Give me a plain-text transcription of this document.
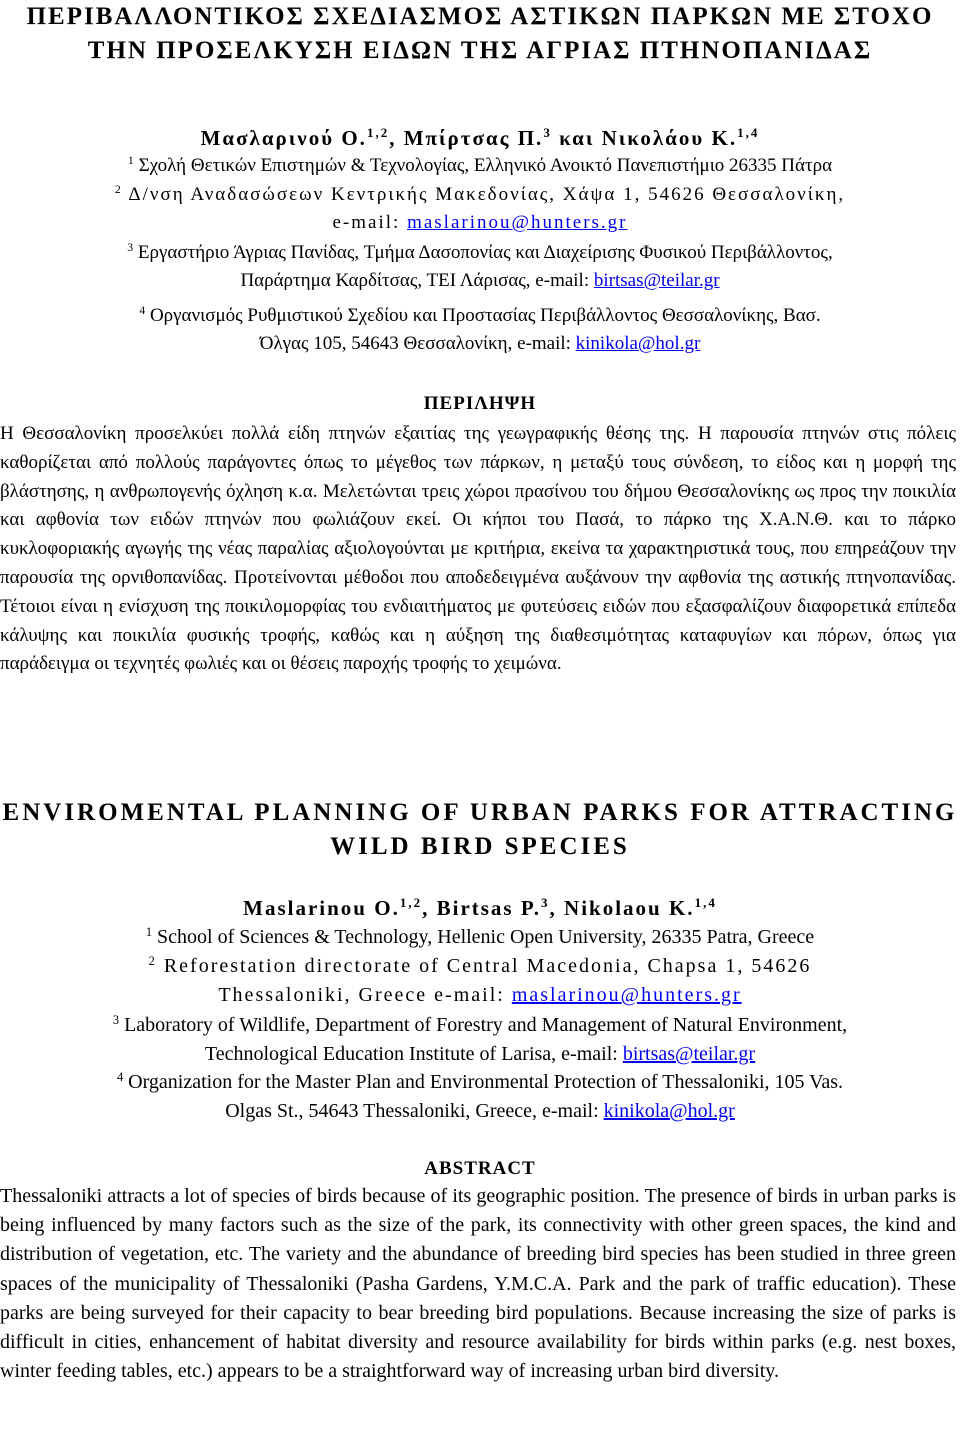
ΠΕΡΙΒΑΛΛΟΝΤΙΚΟΣ ΣΧΕΔΙΑΣΜΟΣ ΑΣΤΙΚΩΝ ΠΑΡΚΩΝ ΜΕ ΣΤΟΧΟ ΤΗΝ ΠΡΟΣΕΛΚΥΣΗ ΕΙΔΩΝ ΤΗΣ ΑΓΡΙΑΣ ΠΤΗΝΟΠΑΝΙΔΑΣ
Μασλαρινού Ο.$^{1,2}$, Μπίρτσας Π.$^3$ και Νικολάου Κ.$^{1,4}$
$^1$ Σχολή Θετικών Επιστημών & Τεχνολογίας, Ελληνικό Ανοικτό Πανεπιστήμιο 26335 Πάτρα
$^2$ Δ/νση Αναδασώσεων Κεντρικής Μακεδονίας, Χάψα 1, 54626 Θεσσαλονίκη,
e-mail: maslarinou@hunters.gr
$^3$ Εργαστήριο Άγριας Πανίδας, Τμήμα Δασοπονίας και Διαχείρισης Φυσικού Περιβάλλοντος,
Παράρτημα Καρδίτσας, ΤΕΙ Λάρισας, e-mail: birtsas@teilar.gr
$^4$ Οργανισμός Ρυθμιστικού Σχεδίου και Προστασίας Περιβάλλοντος Θεσσαλονίκης, Βασ.
Όλγας 105, 54643 Θεσσαλονίκη, e-mail: kinikola@hol.gr
ΠΕΡΙΛΗΨΗ

Η Θεσσαλονίκη προσελκύει πολλά είδη πτηνών εξαιτίας της γεωγραφικής θέσης της. Η παρουσία πτηνών στις πόλεις καθορίζεται από πολλούς παράγοντες όπως το μέγεθος των πάρκων, η μεταξύ τους σύνδεση, το είδος και η μορφή της βλάστησης, η ανθρωπογενής όχληση κ.α. Μελετώνται τρεις χώροι πρασίνου του δήμου Θεσσαλονίκης ως προς την ποικιλία και αφθονία των ειδών πτηνών που φωλιάζουν εκεί. Οι κήποι του Πασά, το πάρκο της Χ.Α.Ν.Θ. και το πάρκο κυκλοφοριακής αγωγής της νέας παραλίας αξιολογούνται με κριτήρια, εκείνα τα χαρακτηριστικά τους, που επηρεάζουν την παρουσία της ορνιθοπανίδας. Προτείνονται μέθοδοι που αποδεδειγμένα αυξάνουν την αφθονία της αστικής πτηνοπανίδας. Τέτοιοι είναι η ενίσχυση της ποικιλομορφίας του ενδιαιτήματος με φυτεύσεις ειδών που εξασφαλίζουν διαφορετικά επίπεδα κάλυψης και ποικιλία φυσικής τροφής, καθώς και η αύξηση της διαθεσιμότητας καταφυγίων και πόρων, όπως για παράδειγμα οι τεχνητές φωλιές και οι θέσεις παροχής τροφής το χειμώνα.

ENVIROMENTAL PLANNING OF URBAN PARKS FOR ATTRACTING WILD BIRD SPECIES
Maslarinou O.$^{1,2}$, Birtsas P.$^3$, Nikolaou K.$^{1,4}$
$^1$ School of Sciences & Technology, Hellenic Open University, 26335 Patra, Greece
$^2$ Reforestation directorate of Central Macedonia, Chapsa 1, 54626
Thessaloniki, Greece e-mail: maslarinou@hunters.gr
$^3$ Laboratory of Wildlife, Department of Forestry and Management of Natural Environment,
Technological Education Institute of Larisa, e-mail: birtsas@teilar.gr
$^4$ Organization for the Master Plan and Environmental Protection of Thessaloniki, 105 Vas.
Olgas St., 54643 Thessaloniki, Greece, e-mail: kinikola@hol.gr
ABSTRACT

Thessaloniki attracts a lot of species of birds because of its geographic position. The presence of birds in urban parks is being influenced by many factors such as the size of the park, its connectivity with other green spaces, the kind and distribution of vegetation, etc. The variety and the abundance of breeding bird species has been studied in three green spaces of the municipality of Thessaloniki (Pasha Gardens, Y.M.C.A. Park and the park of traffic education). These parks are being surveyed for their capacity to bear breeding bird populations. Because increasing the size of parks is difficult in cities, enhancement of habitat diversity and resource availability for birds within parks (e.g. nest boxes, winter feeding tables, etc.) appears to be a straightforward way of increasing urban bird diversity.
